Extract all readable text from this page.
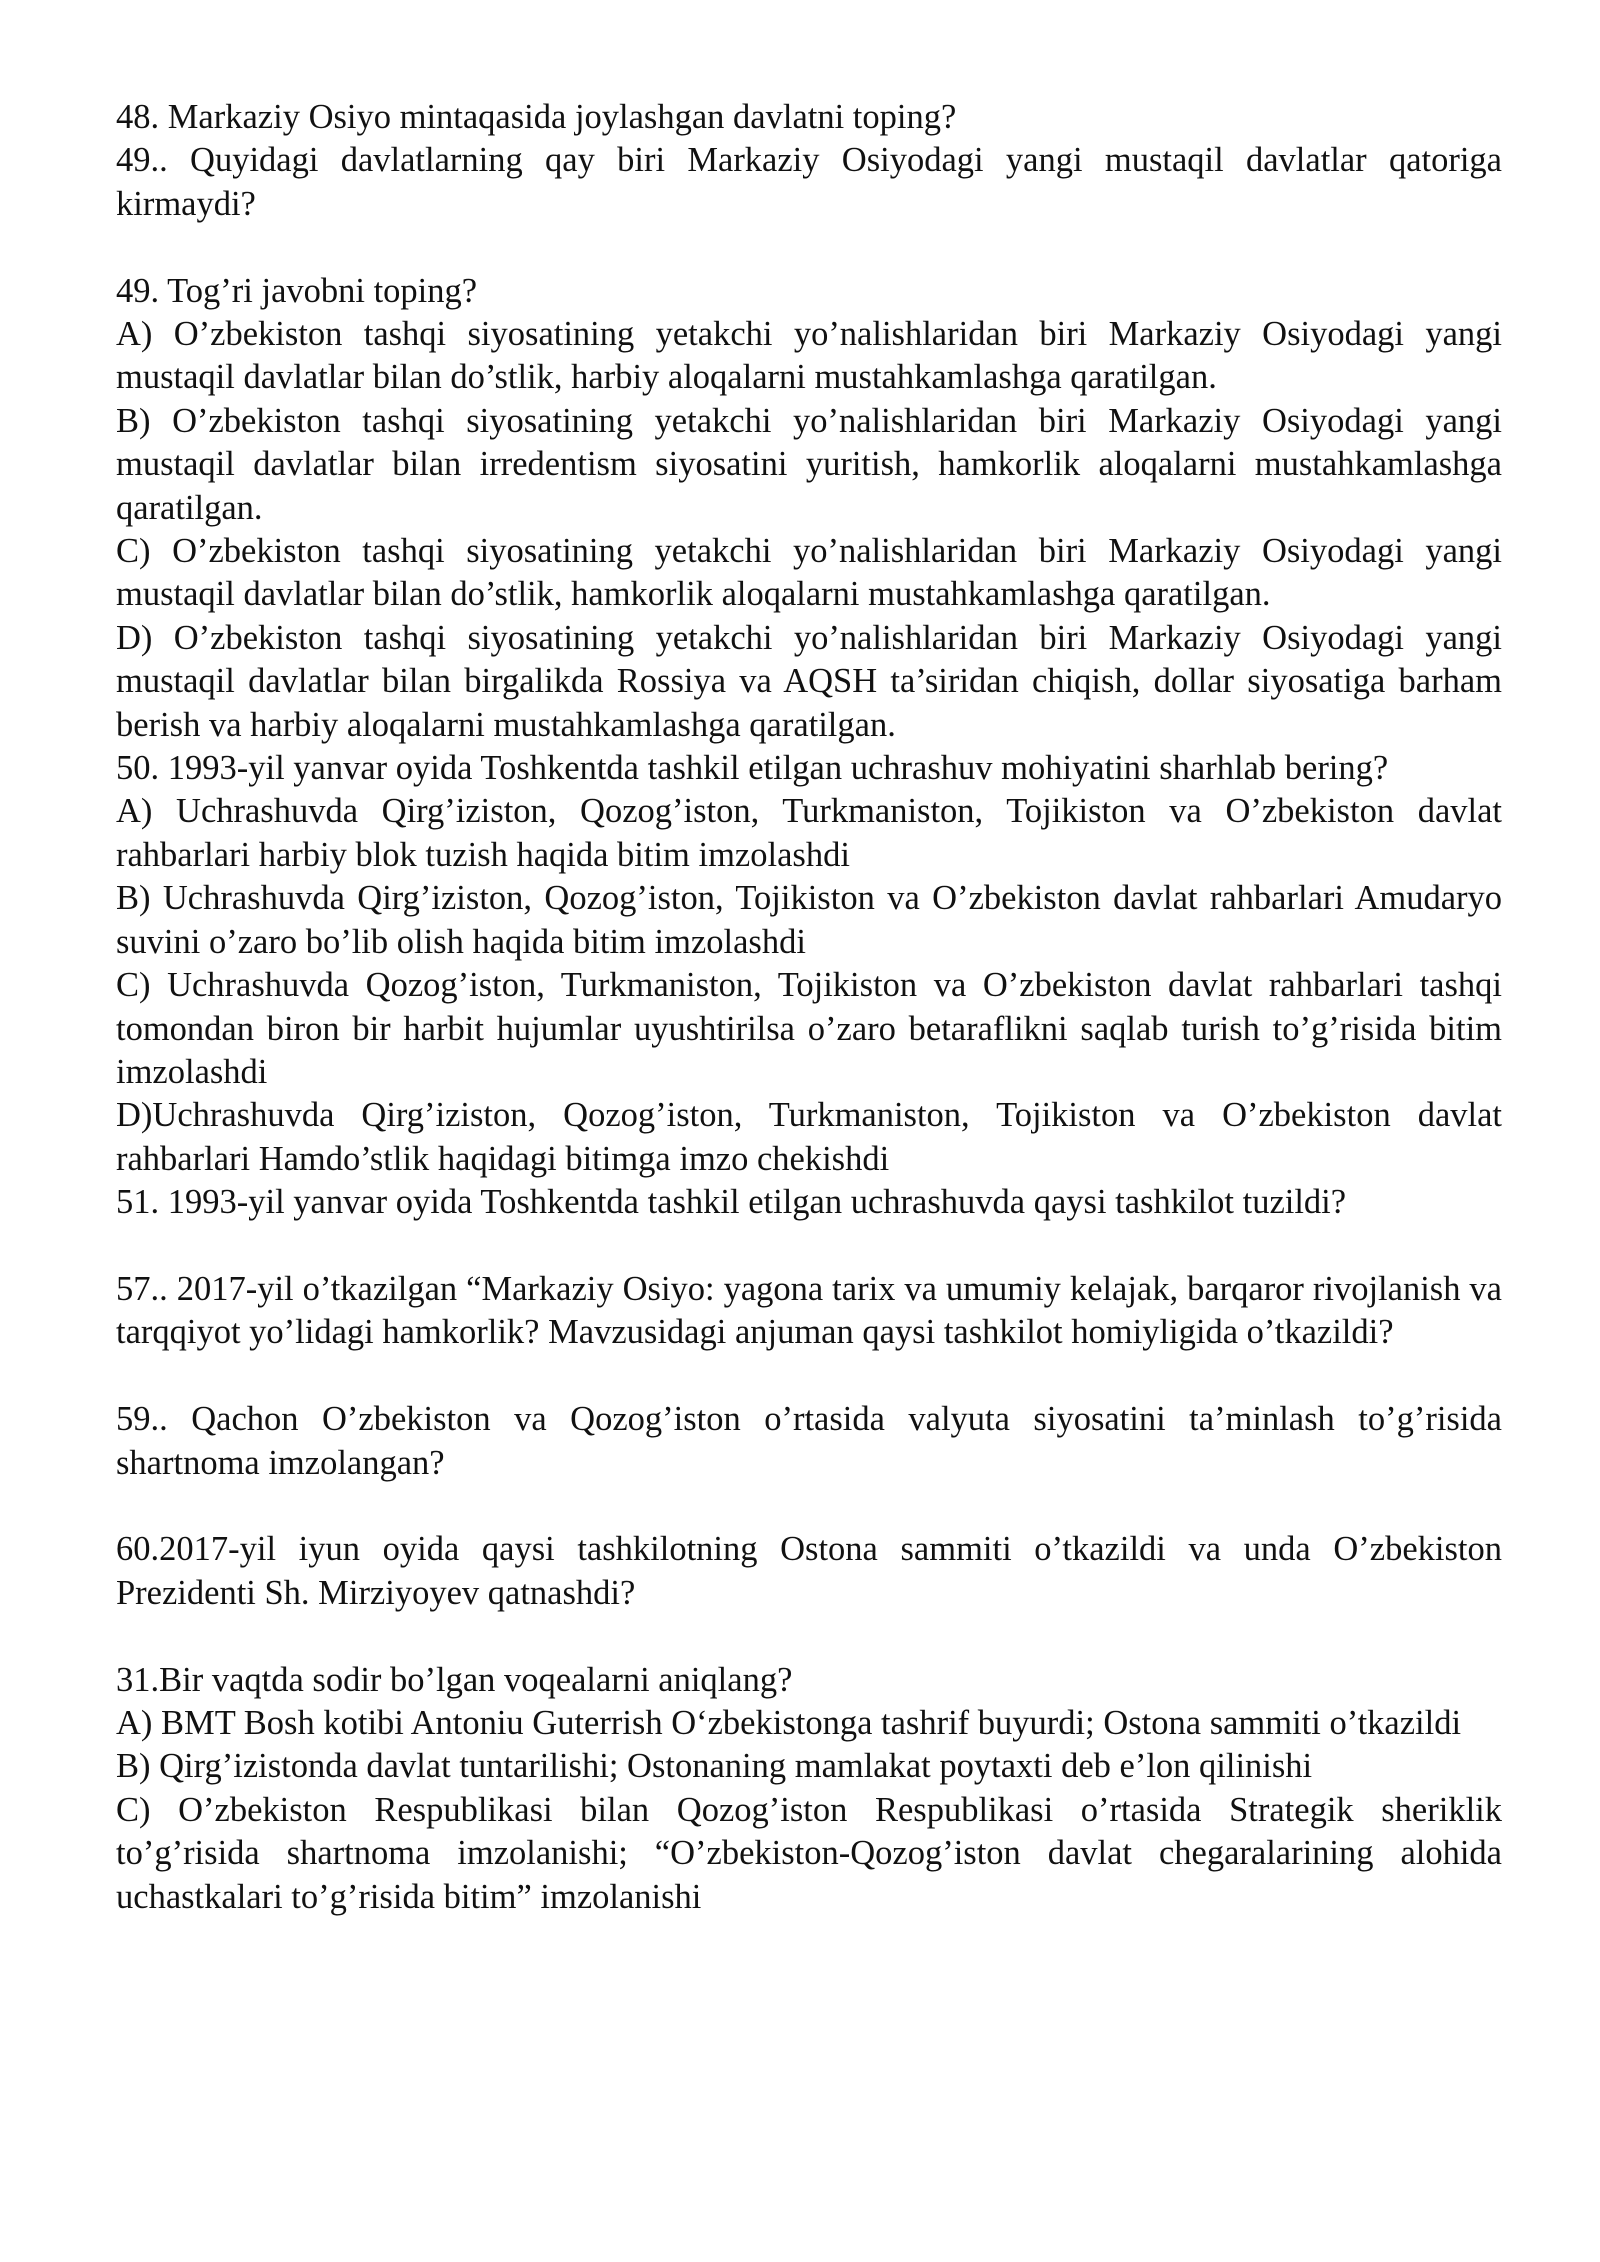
48. Markaziy Osiyo mintaqasida joylashgan davlatni toping?
49.. Quyidagi davlatlarning qay biri Markaziy Osiyodagi yangi mustaqil davlatlar qatoriga kirmaydi?
49. Tog’ri javobni toping?
A) O’zbekiston tashqi siyosatining yetakchi yo’nalishlaridan biri Markaziy Osiyodagi yangi mustaqil davlatlar bilan do’stlik, harbiy aloqalarni mustahkamlashga qaratilgan.
B) O’zbekiston tashqi siyosatining yetakchi yo’nalishlaridan biri Markaziy Osiyodagi yangi mustaqil davlatlar bilan irredentism siyosatini yuritish, hamkorlik aloqalarni mustahkamlashga qaratilgan.
C) O’zbekiston tashqi siyosatining yetakchi yo’nalishlaridan biri Markaziy Osiyodagi yangi mustaqil davlatlar bilan do’stlik, hamkorlik aloqalarni mustahkamlashga qaratilgan.
D) O’zbekiston tashqi siyosatining yetakchi yo’nalishlaridan biri Markaziy Osiyodagi yangi mustaqil davlatlar bilan birgalikda Rossiya va AQSH ta’siridan chiqish, dollar siyosatiga barham berish va harbiy aloqalarni mustahkamlashga qaratilgan.
50. 1993-yil yanvar oyida Toshkentda tashkil etilgan uchrashuv mohiyatini sharhlab bering?
A) Uchrashuvda Qirg’iziston, Qozog’iston, Turkmaniston, Tojikiston va O’zbekiston davlat rahbarlari harbiy blok tuzish haqida bitim imzolashdi
B) Uchrashuvda Qirg’iziston, Qozog’iston, Tojikiston va O’zbekiston davlat rahbarlari Amudaryo suvini o’zaro bo’lib olish haqida bitim imzolashdi
C) Uchrashuvda Qozog’iston, Turkmaniston, Tojikiston va O’zbekiston davlat rahbarlari tashqi tomondan biron bir harbit hujumlar uyushtirilsa o’zaro betaraflikni saqlab turish to’g’risida bitim imzolashdi
D)Uchrashuvda Qirg’iziston, Qozog’iston, Turkmaniston, Tojikiston va O’zbekiston davlat rahbarlari Hamdo’stlik haqidagi bitimga imzo chekishdi
51. 1993-yil yanvar oyida Toshkentda tashkil etilgan uchrashuvda qaysi tashkilot tuzildi?
57.. 2017-yil o’tkazilgan “Markaziy Osiyo: yagona tarix va umumiy kelajak, barqaror rivojlanish va tarqqiyot yo’lidagi hamkorlik? Mavzusidagi anjuman qaysi tashkilot homiyligida o’tkazildi?
59.. Qachon O’zbekiston va Qozog’iston o’rtasida valyuta siyosatini ta’minlash to’g’risida shartnoma imzolangan?
60.2017-yil iyun oyida qaysi tashkilotning Ostona sammiti o’tkazildi va unda O’zbekiston Prezidenti Sh. Mirziyoyev qatnashdi?
31.Bir vaqtda sodir bo’lgan voqealarni aniqlang?
A) BMT Bosh kotibi Antoniu Guterrish O‘zbekistonga tashrif buyurdi; Ostona sammiti o’tkazildi
B) Qirg’izistonda davlat tuntarilishi; Ostonaning mamlakat poytaxti deb e’lon qilinishi
C) O’zbekiston Respublikasi bilan Qozog’iston Respublikasi o’rtasida Strategik sheriklik to’g’risida shartnoma imzolanishi; “O’zbekiston-Qozog’iston davlat chegaralarining alohida uchastkalari to’g’risida bitim” imzolanishi
